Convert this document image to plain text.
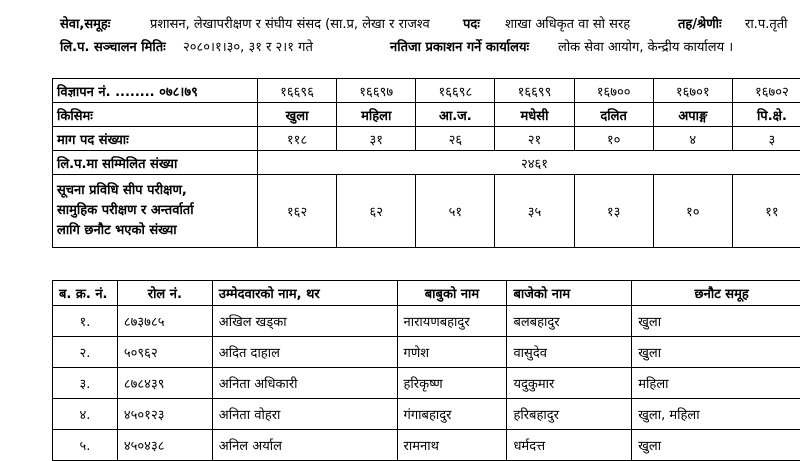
सेवा,समूहः	प्रशासन, लेखापरीक्षण र संघीय संसद (सा.प्र, लेखा र राजश्व	पदः शाखा अधिकृत वा सो सरह	तह/श्रेणीः रा.प.तृती
लि.प. सञ्चालन मितिः २०८०।१।३०, ३१ र २।१ गते	नतिजा प्रकाशन गर्ने कार्यालयः लोक सेवा आयोग, केन्द्रीय कार्यालय ।
विज्ञापन नं. ........ ०७८।७९	१६६९६	१६६९७	१६६९८	१६६९९	१६७००	१६७०१	१६७०२
किसिमः	खुला	महिला	आ.ज.	मधेसी	दलित	अपाङ्ग	पि.क्षे.
माग पद संख्याः	११८	३१	२६	२१	१०	४	३
लि.प.मा सम्मिलित संख्या	२४६१						

सूचना प्रविधि सीप परीक्षण,
सामुहिक परीक्षण र अन्तर्वार्ता
लागि छनौट भएको संख्या	१६२	६२	५१	३५	१३	१०	११
ब. क्र. नं.	रोल नं.	उम्मेदवारको नाम, थर	बाबुको नाम	बाजेको नाम	छनौट समूह
१.	८७३७८५	अखिल खड्का	नारायणबहादुर	बलबहादुर	खुला
२.	५०९६२	अदित दाहाल	गणेश	वासुदेव	खुला
३.	८७८४३९	अनिता अधिकारी	हरिकृष्ण	यदुकुमार	महिला
४.	४५०१२३	अनिता वोहरा	गंगाबहादुर	हरिबहादुर	खुला, महिला
५.	४५०४३८	अनिल अर्याल	रामनाथ	धर्मदत्त	खुला
